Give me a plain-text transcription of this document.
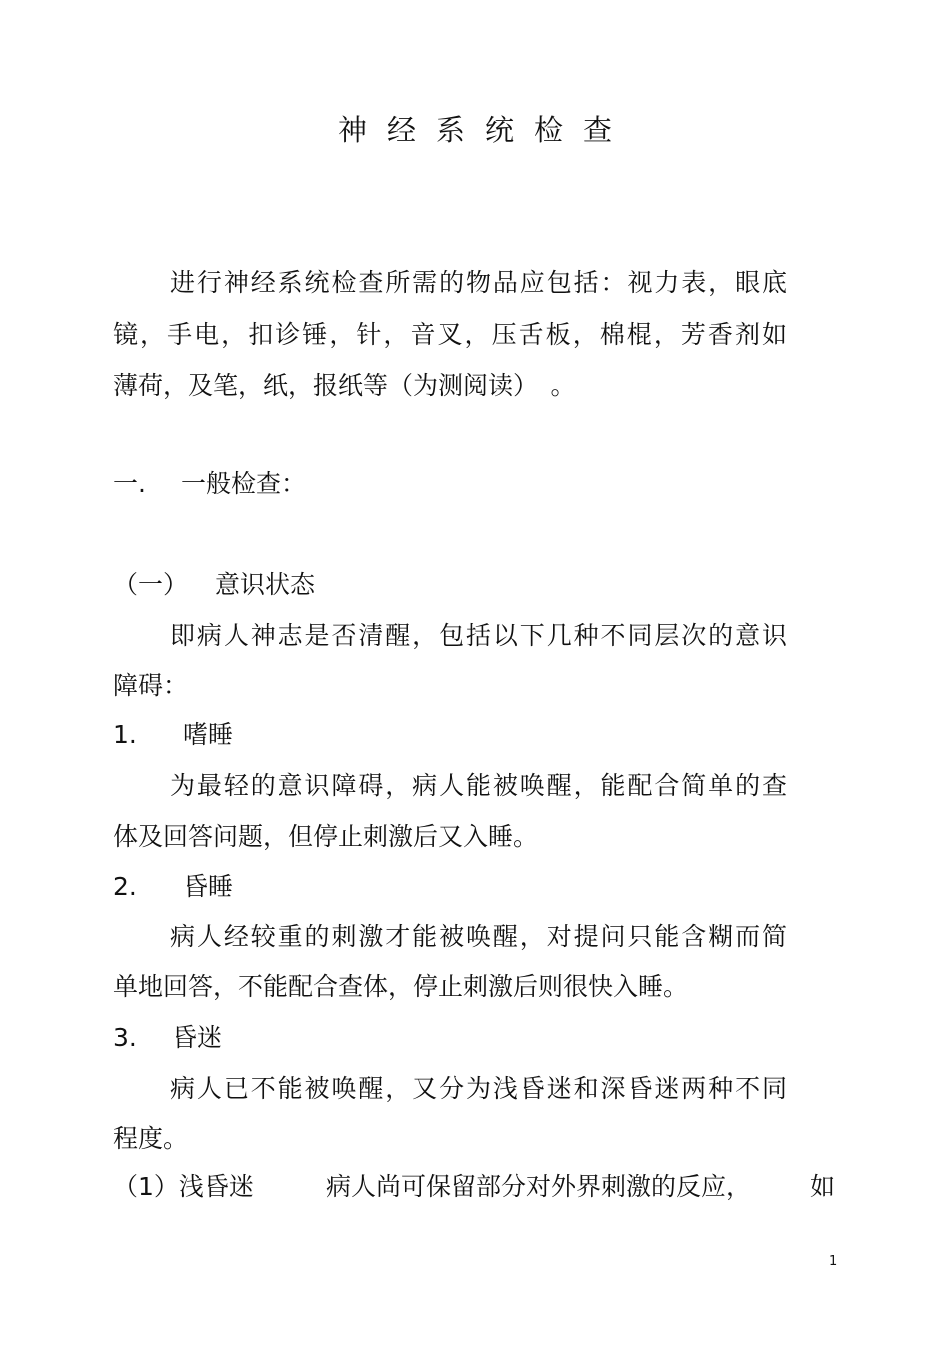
神经系统检查

进行神经系统检查所需的物品应包括：视力表，眼底

镜，手电，扣诊锤，针，音叉，压舌板，棉棍，芳香剂如

薄荷，及笔，纸，报纸等（为测阅读）　。

一. 一般检查：

（一） 意识状态

即病人神志是否清醒，包括以下几种不同层次的意识

障碍：

1. 嗜睡

为最轻的意识障碍，病人能被唤醒，能配合简单的查

体及回答问题，但停止刺激后又入睡。

2. 昏睡

病人经较重的刺激才能被唤醒，对提问只能含糊而简

单地回答，不能配合查体，停止刺激后则很快入睡。

3. 昏迷

病人已不能被唤醒，又分为浅昏迷和深昏迷两种不同

程度。

（1）浅昏迷	病人尚可保留部分对外界刺激的反应， 如

1
